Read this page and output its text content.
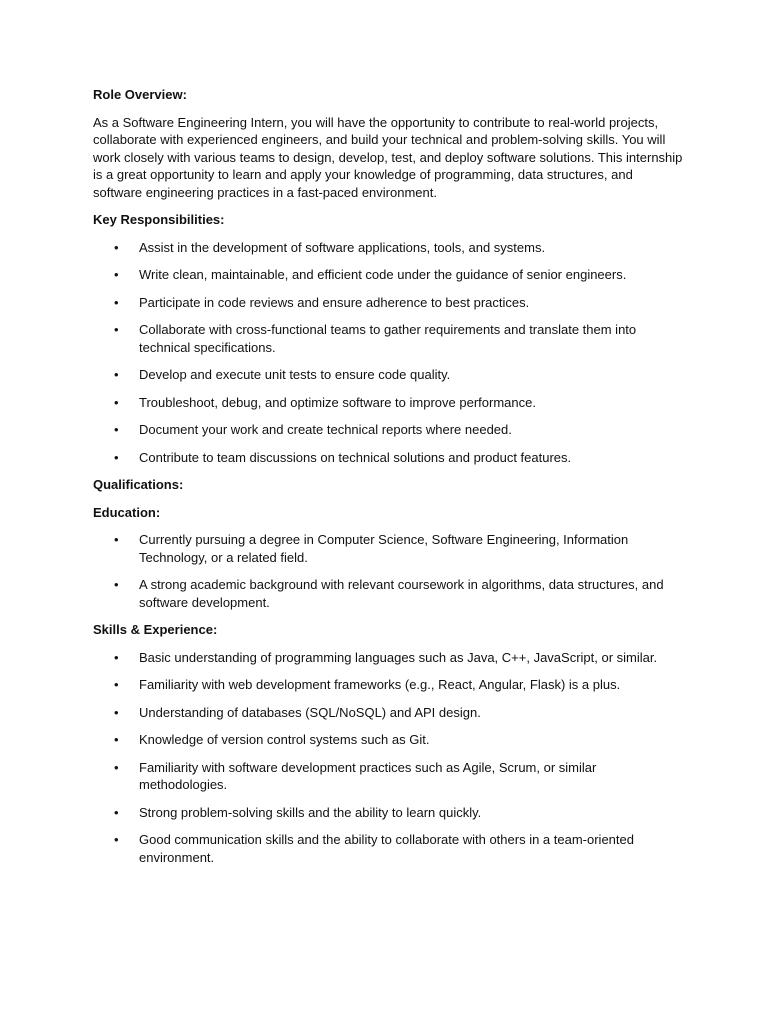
Role Overview:
As a Software Engineering Intern, you will have the opportunity to contribute to real-world projects, collaborate with experienced engineers, and build your technical and problem-solving skills. You will work closely with various teams to design, develop, test, and deploy software solutions. This internship is a great opportunity to learn and apply your knowledge of programming, data structures, and software engineering practices in a fast-paced environment.
Key Responsibilities:
• Assist in the development of software applications, tools, and systems.
• Write clean, maintainable, and efficient code under the guidance of senior engineers.
• Participate in code reviews and ensure adherence to best practices.
• Collaborate with cross-functional teams to gather requirements and translate them into technical specifications.
• Develop and execute unit tests to ensure code quality.
• Troubleshoot, debug, and optimize software to improve performance.
• Document your work and create technical reports where needed.
• Contribute to team discussions on technical solutions and product features.
Qualifications:
Education:
• Currently pursuing a degree in Computer Science, Software Engineering, Information Technology, or a related field.
• A strong academic background with relevant coursework in algorithms, data structures, and software development.
Skills & Experience:
• Basic understanding of programming languages such as Java, C++, JavaScript, or similar.
• Familiarity with web development frameworks (e.g., React, Angular, Flask) is a plus.
• Understanding of databases (SQL/NoSQL) and API design.
• Knowledge of version control systems such as Git.
• Familiarity with software development practices such as Agile, Scrum, or similar methodologies.
• Strong problem-solving skills and the ability to learn quickly.
• Good communication skills and the ability to collaborate with others in a team-oriented environment.
